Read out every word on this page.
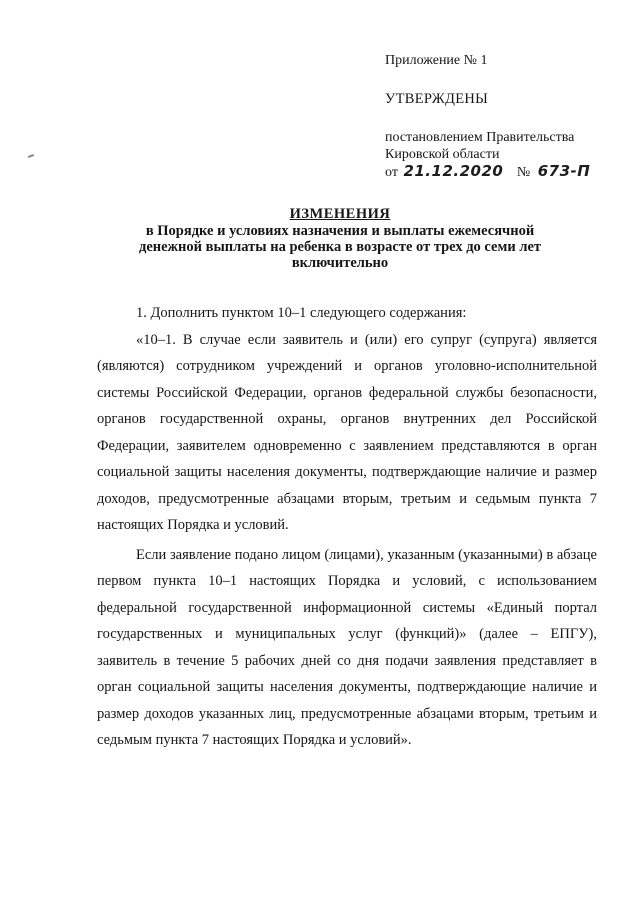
Приложение № 1

УТВЕРЖДЕНЫ

постановлением Правительства

Кировской области

от 21.12.2020 № 673-П

ИЗМЕНЕНИЯ
в Порядке и условиях назначения и выплаты ежемесячной
денежной выплаты на ребенка в возрасте от трех до семи лет
включительно

1. Дополнить пунктом 10–1 следующего содержания:

«10–1. В случае если заявитель и (или) его супруг (супруга) является (являются) сотрудником учреждений и органов уголовно-исполнительной системы Российской Федерации, органов федеральной службы безопасности, органов государственной охраны, органов внутренних дел Российской Федерации, заявителем одновременно с заявлением представляются в орган социальной защиты населения документы, подтверждающие наличие и размер доходов, предусмотренные абзацами вторым, третьим и седьмым пункта 7 настоящих Порядка и условий.

Если заявление подано лицом (лицами), указанным (указанными) в абзаце первом пункта 10–1 настоящих Порядка и условий, с использованием федеральной государственной информационной системы «Единый портал государственных и муниципальных услуг (функций)» (далее – ЕПГУ), заявитель в течение 5 рабочих дней со дня подачи заявления представляет в орган социальной защиты населения документы, подтверждающие наличие и размер доходов указанных лиц, предусмотренные абзацами вторым, третьим и седьмым пункта 7 настоящих Порядка и условий».
